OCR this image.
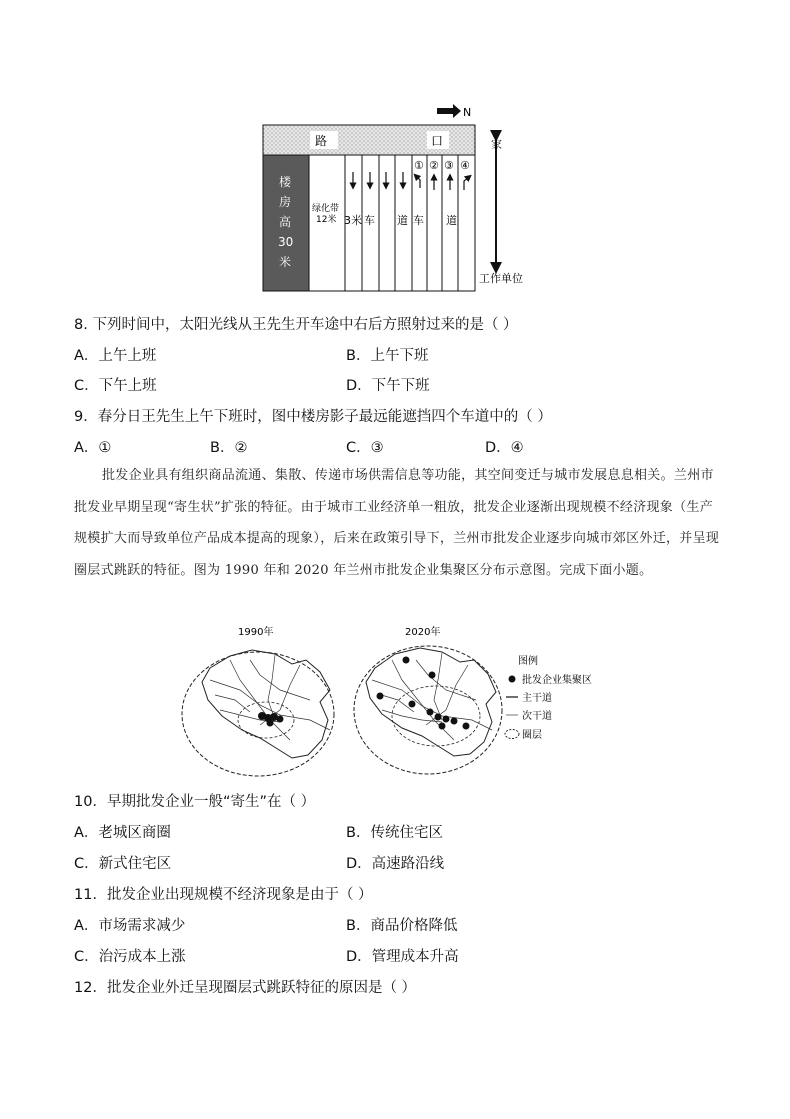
N
路	口
楼
房
高
30
米
绿化带
12米
① ② ③ ④
3米 车 道 车 道
家
工作单位
8. 下列时间中，太阳光线从王先生开车途中右后方照射过来的是（ ）
A．上午上班	B．上午下班
C．下午上班	D．下午下班
9．春分日王先生上午下班时，图中楼房影子最远能遮挡四个车道中的（ ）
A．①	B．②	C．③	D．④
批发企业具有组织商品流通、集散、传递市场供需信息等功能，其空间变迁与城市发展息息相关。兰州市批发业早期呈现“寄生状”扩张的特征。由于城市工业经济单一粗放，批发企业逐渐出现规模不经济现象（生产规模扩大而导致单位产品成本提高的现象），后来在政策引导下，兰州市批发企业逐步向城市郊区外迁，并呈现圈层式跳跃的特征。图为 1990 年和 2020 年兰州市批发企业集聚区分布示意图。完成下面小题。
1990年	2020年
图例
批发企业集聚区
主干道
次干道
圈层
10．早期批发企业一般“寄生”在（ ）
A．老城区商圈	B．传统住宅区
C．新式住宅区	D．高速路沿线
11．批发企业出现规模不经济现象是由于（ ）
A．市场需求减少	B．商品价格降低
C．治污成本上涨	D．管理成本升高
12．批发企业外迁呈现圈层式跳跃特征的原因是（ ）
